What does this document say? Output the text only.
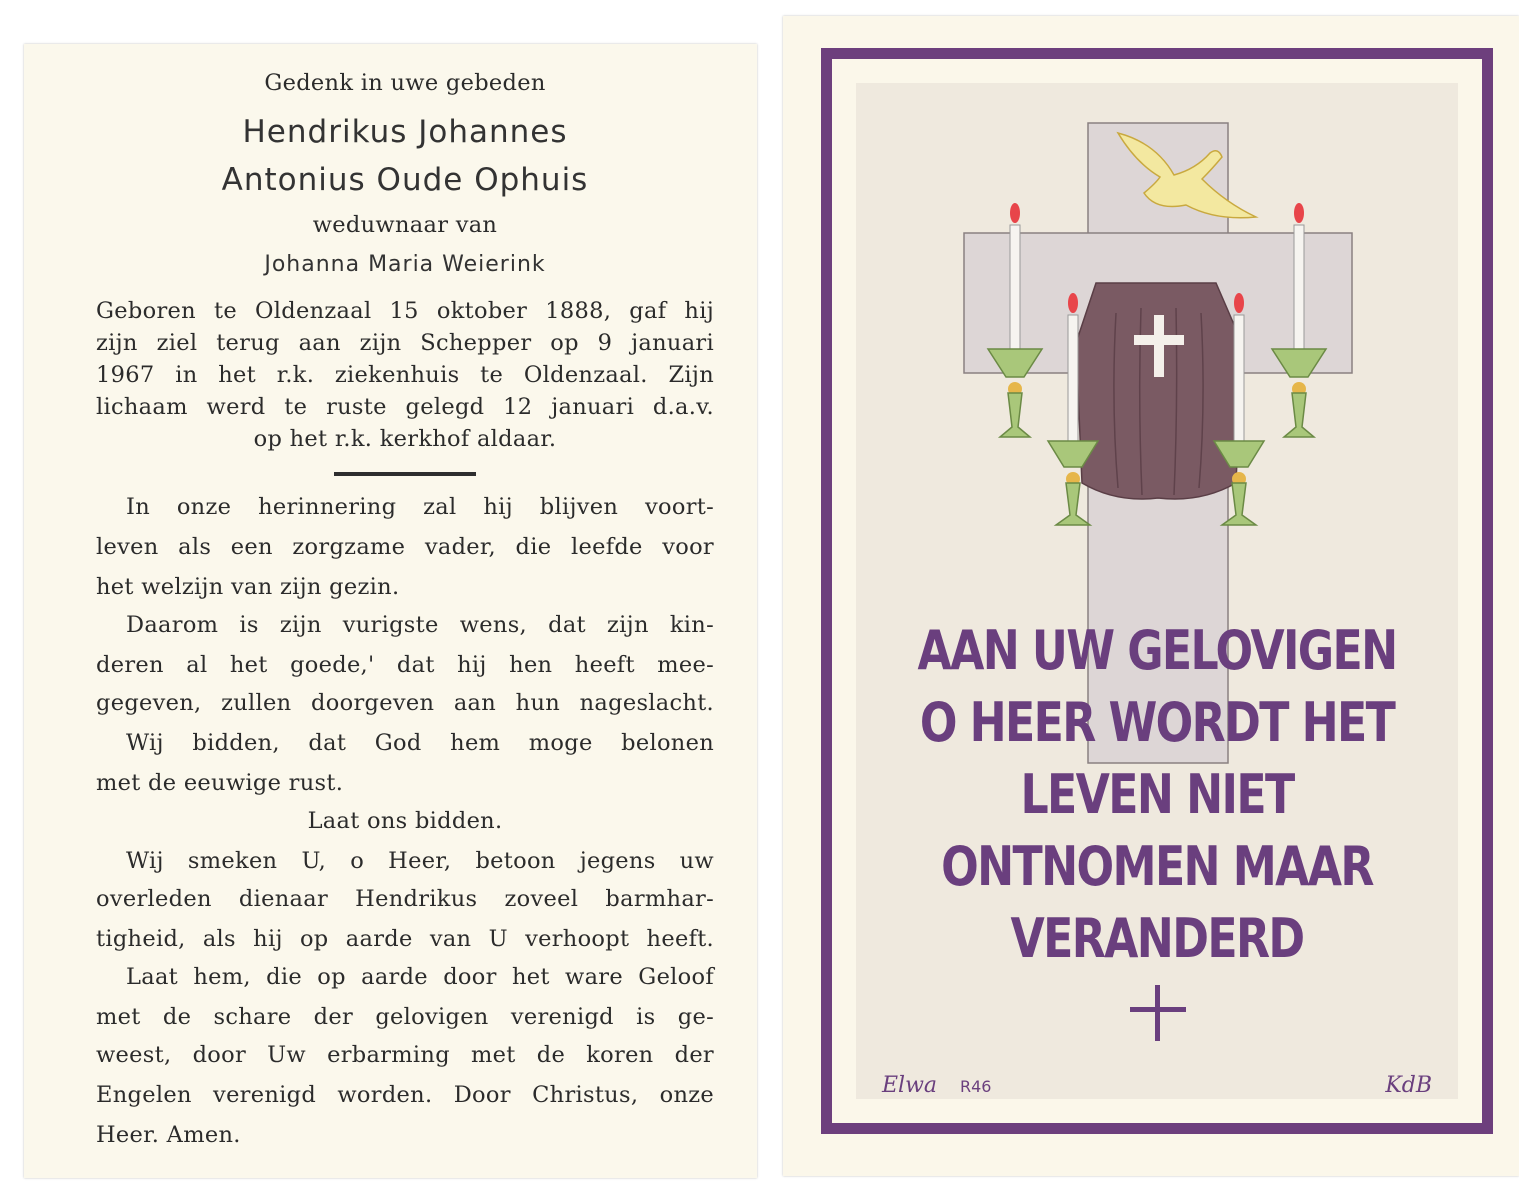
Gedenk in uwe gebeden
Hendrikus Johannes
Antonius Oude Ophuis
weduwnaar van
Johanna Maria Weierink
Geboren te Oldenzaal 15 oktober 1888, gaf hij
zijn ziel terug aan zijn Schepper op 9 januari
1967 in het r.k. ziekenhuis te Oldenzaal. Zijn
lichaam werd te ruste gelegd 12 januari d.a.v.
op het r.k. kerkhof aldaar.
In onze herinnering zal hij blijven voort-
leven als een zorgzame vader, die leefde voor
het welzijn van zijn gezin.
Daarom is zijn vurigste wens, dat zijn kin-
deren al het goede,' dat hij hen heeft mee-
gegeven, zullen doorgeven aan hun nageslacht.
Wij bidden, dat God hem moge belonen
met de eeuwige rust.
Laat ons bidden.
Wij smeken U, o Heer, betoon jegens uw
overleden dienaar Hendrikus zoveel barmhar-
tigheid, als hij op aarde van U verhoopt heeft.
Laat hem, die op aarde door het ware Geloof
met de schare der gelovigen verenigd is ge-
weest, door Uw erbarming met de koren der
Engelen verenigd worden. Door Christus, onze
Heer. Amen.
AAN UW GELOVIGEN
O HEER WORDT HET
LEVEN NIET
ONTNOMEN MAAR
VERANDERD
Elwa R46	KdB
